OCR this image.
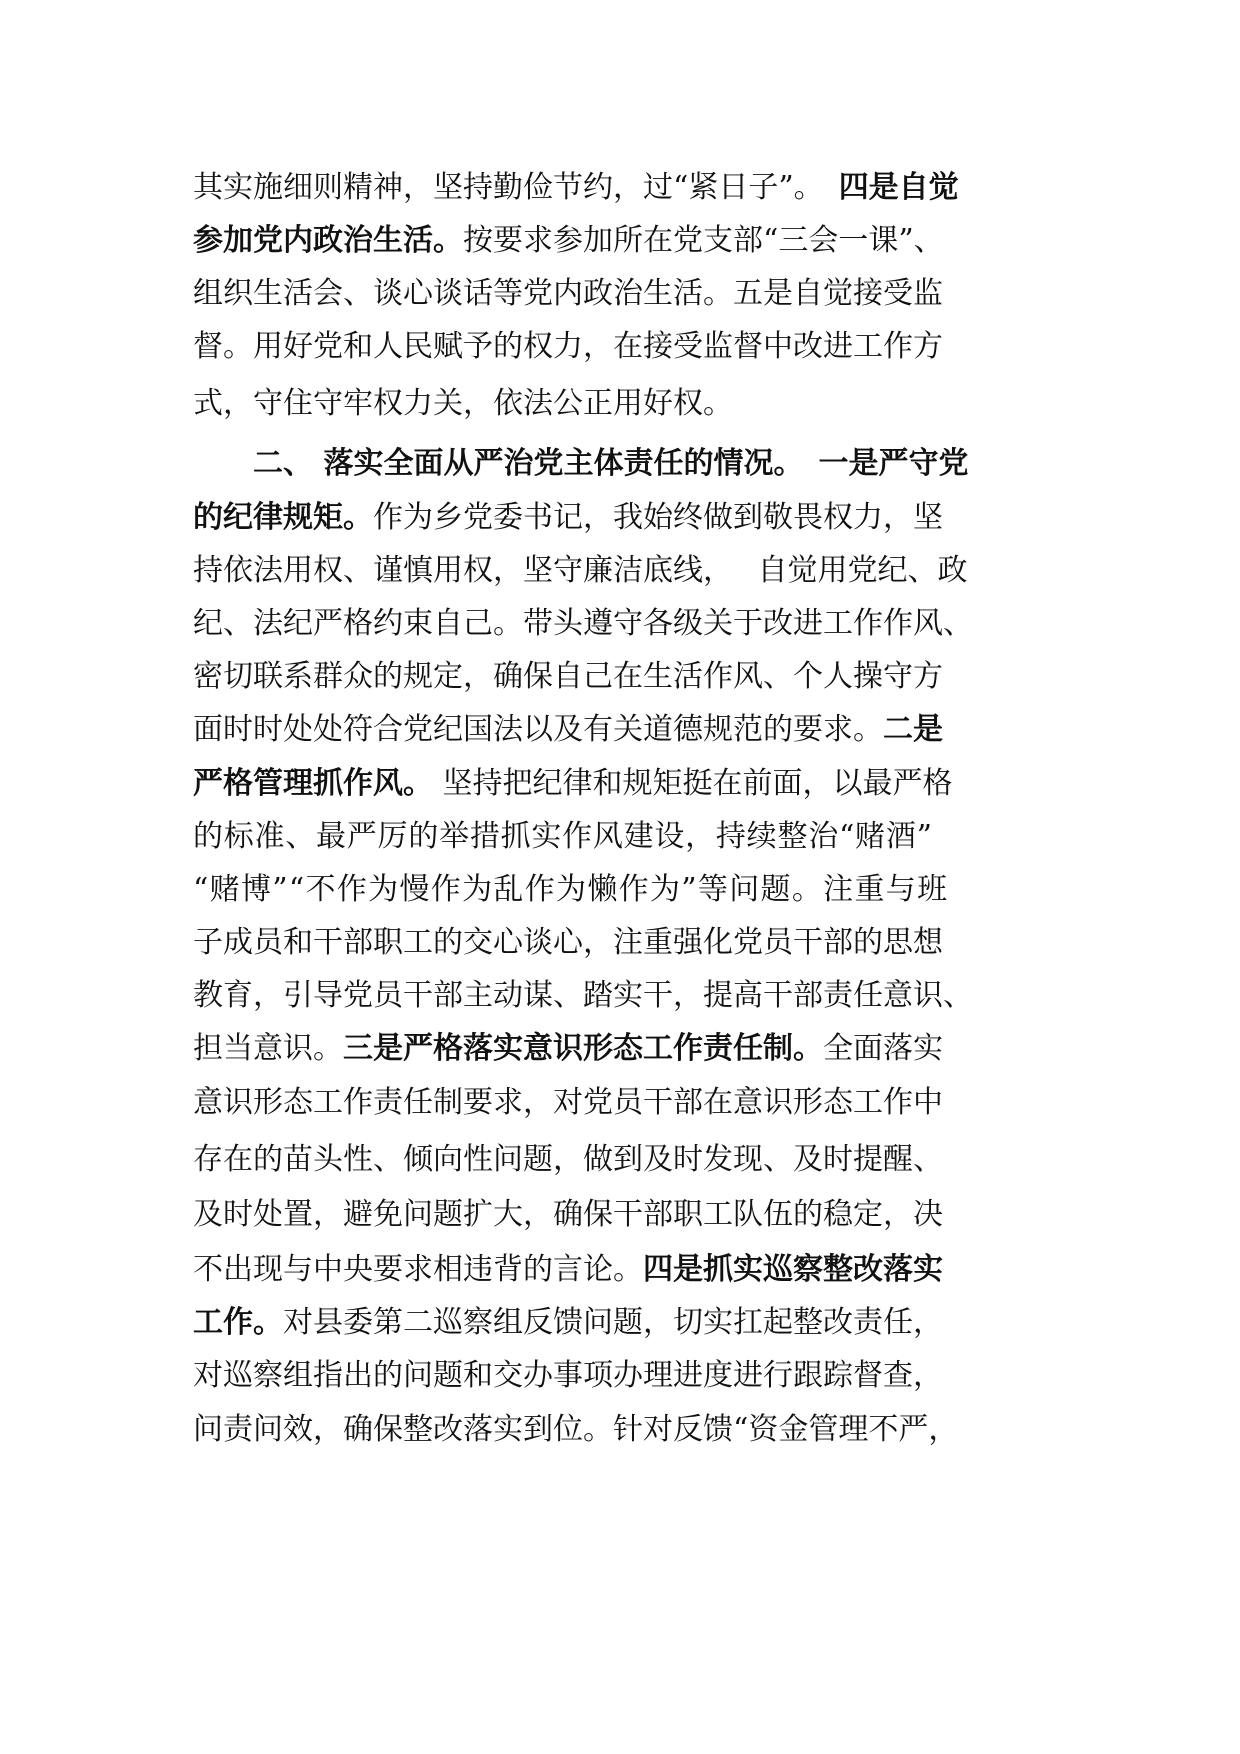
其实施细则精神，坚持勤俭节约，过“紧日子”。　四是自觉
参加党内政治生活。按要求参加所在党支部“三会一课”、
组织生活会、谈心谈话等党内政治生活。五是自觉接受监
督。用好党和人民赋予的权力，在接受监督中改进工作方
式，守住守牢权力关，依法公正用好权。
二、 落实全面从严治党主体责任的情况。　一是严守党
的纪律规矩。作为乡党委书记，我始终做到敬畏权力，坚
持依法用权、谨慎用权，坚守廉洁底线，　 自觉用党纪、政
纪、法纪严格约束自己。带头遵守各级关于改进工作作风、
密切联系群众的规定，确保自己在生活作风、个人操守方
面时时处处符合党纪国法以及有关道德规范的要求。二是
严格管理抓作风。 坚持把纪律和规矩挺在前面，以最严格
的标准、最严厉的举措抓实作风建设，持续整治“赌酒”
“赌博”“不作为慢作为乱作为懒作为”等问题。注重与班
子成员和干部职工的交心谈心，注重强化党员干部的思想
教育，引导党员干部主动谋、踏实干，提高干部责任意识、
担当意识。三是严格落实意识形态工作责任制。全面落实
意识形态工作责任制要求，对党员干部在意识形态工作中
存在的苗头性、倾向性问题，做到及时发现、及时提醒、
及时处置，避免问题扩大，确保干部职工队伍的稳定，决
不出现与中央要求相违背的言论。四是抓实巡察整改落实
工作。对县委第二巡察组反馈问题，切实扛起整改责任，
对巡察组指出的问题和交办事项办理进度进行跟踪督查，
问责问效，确保整改落实到位。针对反馈“资金管理不严，
